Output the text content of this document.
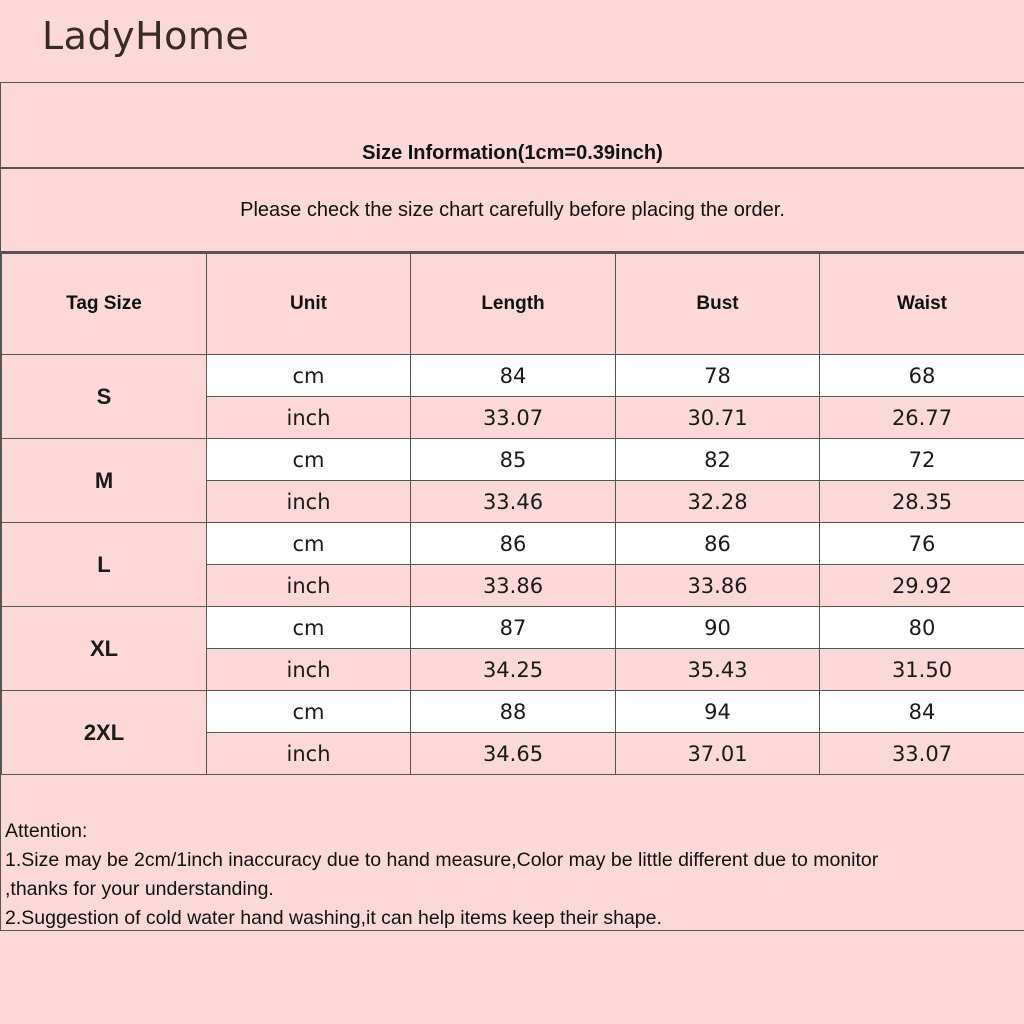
LadyHome
Size Information(1cm=0.39inch)
Please check the size chart carefully before placing the order.
Tag Size	Unit	Length	Bust	Waist
S	cm	84	78	68
	inch	33.07	30.71	26.77
M	cm	85	82	72
	inch	33.46	32.28	28.35
L	cm	86	86	76
	inch	33.86	33.86	29.92
XL	cm	87	90	80
	inch	34.25	35.43	31.50
2XL	cm	88	94	84
	inch	34.65	37.01	33.07
Attention:
1.Size may be 2cm/1inch inaccuracy due to hand measure,Color may be little different due to monitor
,thanks for your understanding.
2.Suggestion of cold water hand washing,it can help items keep their shape.
